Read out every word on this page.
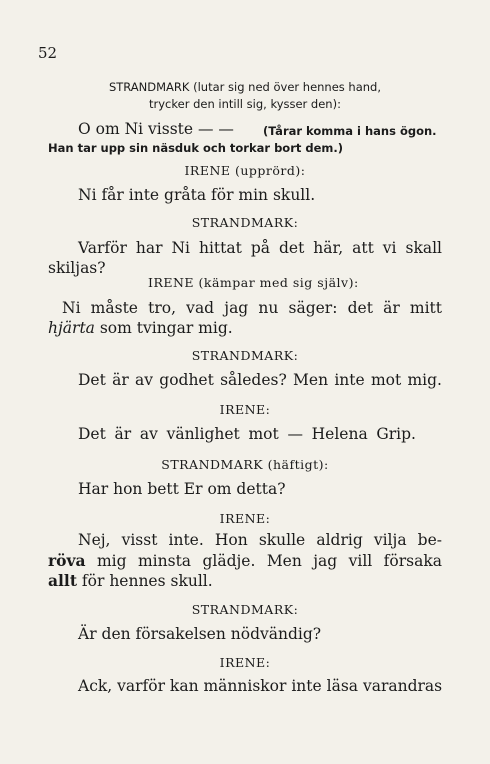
52
STRANDMARK (lutar sig ned över hennes hand,
trycker den intill sig, kysser den):
O om Ni visste — —	(Tårar komma i hans ögon.
Han tar upp sin näsduk och torkar bort dem.)
IRENE (upprörd):
Ni får inte gråta för min skull.
STRANDMARK:
Varför har Ni hittat på det här, att vi skall
skiljas?
IRENE (kämpar med sig själv):
Ni måste tro, vad jag nu säger: det är mitt
hjärta som tvingar mig.
STRANDMARK:
Det är av godhet således? Men inte mot mig.
IRENE:
Det är av vänlighet mot — Helena Grip.
STRANDMARK (häftigt):
Har hon bett Er om detta?
IRENE:
Nej, visst inte. Hon skulle aldrig vilja be-
röva mig minsta glädje. Men jag vill försaka
allt för hennes skull.
STRANDMARK:
Är den försakelsen nödvändig?
IRENE:
Ack, varför kan människor inte läsa varandras
